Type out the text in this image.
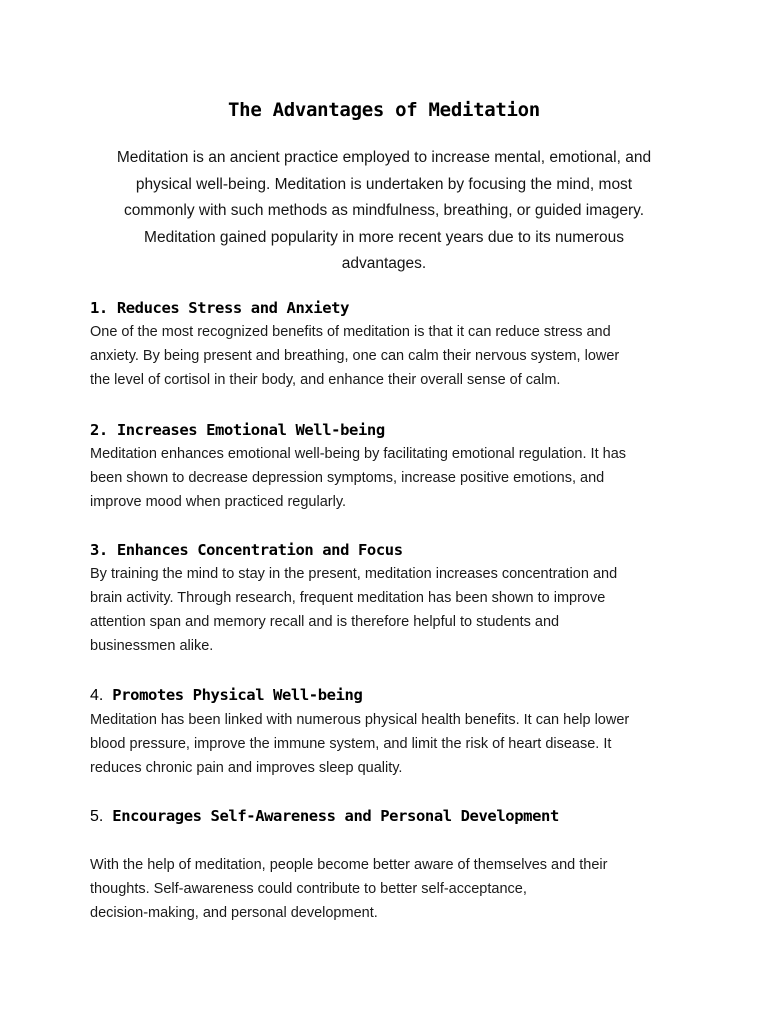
The Advantages of Meditation
Meditation is an ancient practice employed to increase mental, emotional, and
physical well-being. Meditation is undertaken by focusing the mind, most
commonly with such methods as mindfulness, breathing, or guided imagery.
Meditation gained popularity in more recent years due to its numerous
advantages.
1. Reduces Stress and Anxiety

One of the most recognized benefits of meditation is that it can reduce stress and
anxiety. By being present and breathing, one can calm their nervous system, lower
the level of cortisol in their body, and enhance their overall sense of calm.

2. Increases Emotional Well-being

Meditation enhances emotional well-being by facilitating emotional regulation. It has
been shown to decrease depression symptoms, increase positive emotions, and
improve mood when practiced regularly.

3. Enhances Concentration and Focus

By training the mind to stay in the present, meditation increases concentration and
brain activity. Through research, frequent meditation has been shown to improve
attention span and memory recall and is therefore helpful to students and
businessmen alike.

4. Promotes Physical Well-being

Meditation has been linked with numerous physical health benefits. It can help lower
blood pressure, improve the immune system, and limit the risk of heart disease. It
reduces chronic pain and improves sleep quality.

5. Encourages Self-Awareness and Personal Development

With the help of meditation, people become better aware of themselves and their
thoughts. Self-awareness could contribute to better self-acceptance,
decision-making, and personal development.
